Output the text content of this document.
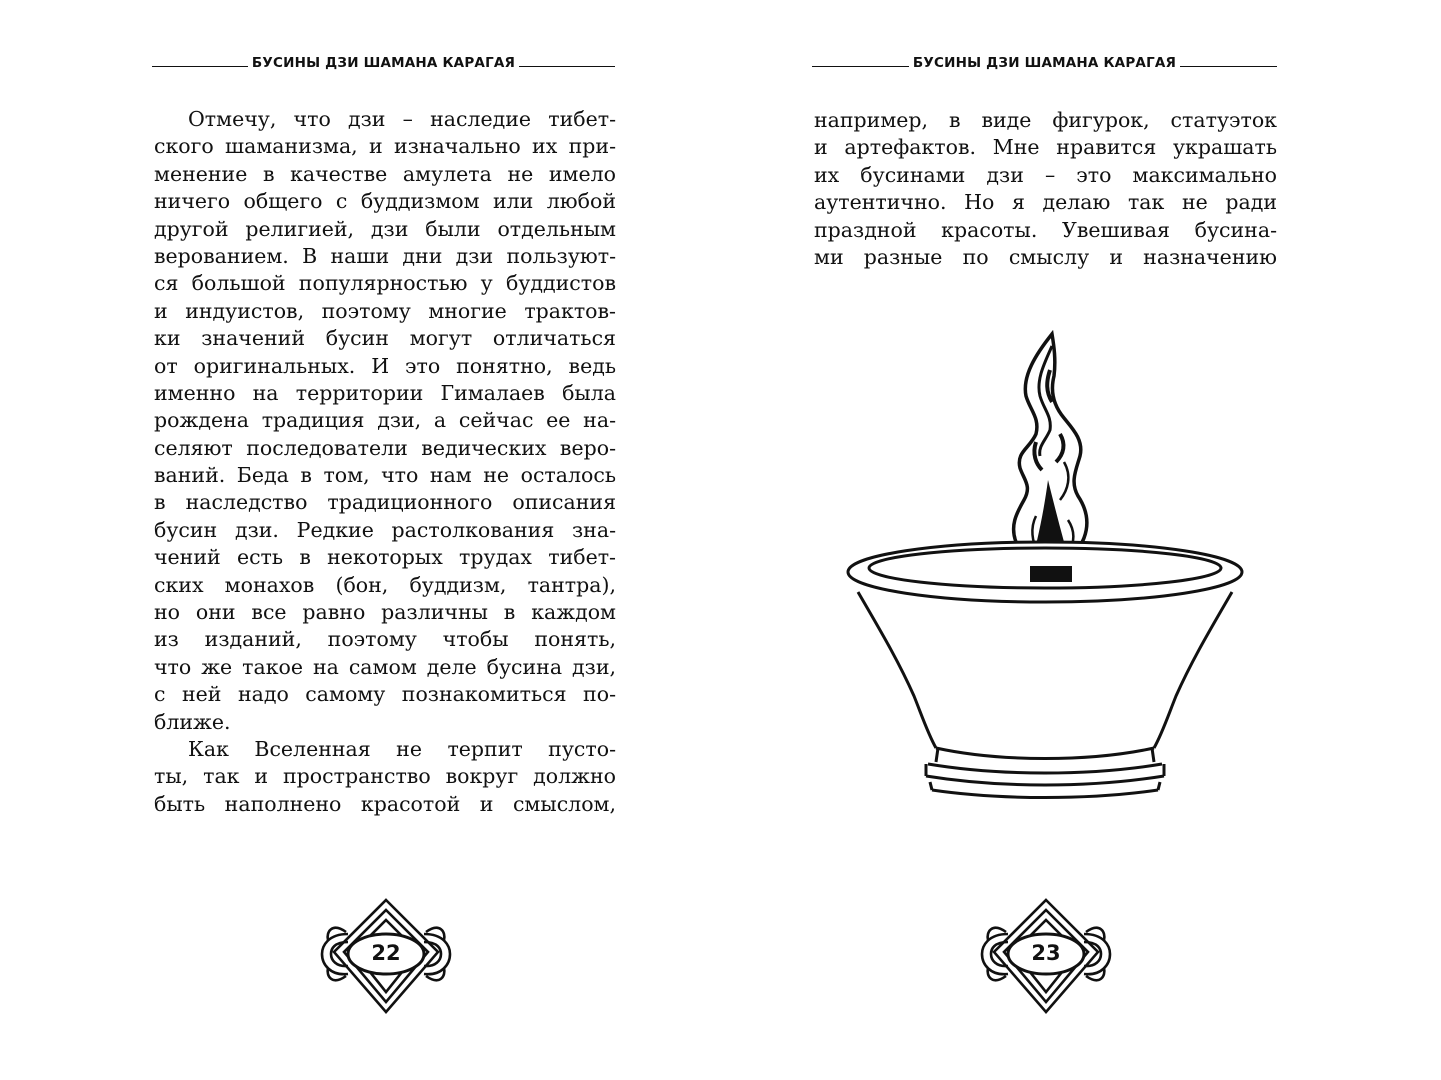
БУСИНЫ ДЗИ ШАМАНА КАРАГАЯ
Отмечу, что дзи – наследие тибет-
ского шаманизма, и изначально их при-
менение в качестве амулета не имело
ничего общего с буддизмом или любой
другой религией, дзи были отдельным
верованием. В наши дни дзи пользуют-
ся большой популярностью у буддистов
и индуистов, поэтому многие трактов-
ки значений бусин могут отличаться
от оригинальных. И это понятно, ведь
именно на территории Гималаев была
рождена традиция дзи, а сейчас ее на-
селяют последователи ведических веро-
ваний. Беда в том, что нам не осталось
в наследство традиционного описания
бусин дзи. Редкие растолкования зна-
чений есть в некоторых трудах тибет-
ских монахов (бон, буддизм, тантра),
но они все равно различны в каждом
из изданий, поэтому чтобы понять,
что же такое на самом деле бусина дзи,
с ней надо самому познакомиться по-
ближе.
Как Вселенная не терпит пусто-
ты, так и пространство вокруг должно
быть наполнено красотой и смыслом,
22
БУСИНЫ ДЗИ ШАМАНА КАРАГАЯ
например, в виде фигурок, статуэток
и артефактов. Мне нравится украшать
их бусинами дзи – это максимально
аутентично. Но я делаю так не ради
праздной красоты. Увешивая бусина-
ми разные по смыслу и назначению
23
